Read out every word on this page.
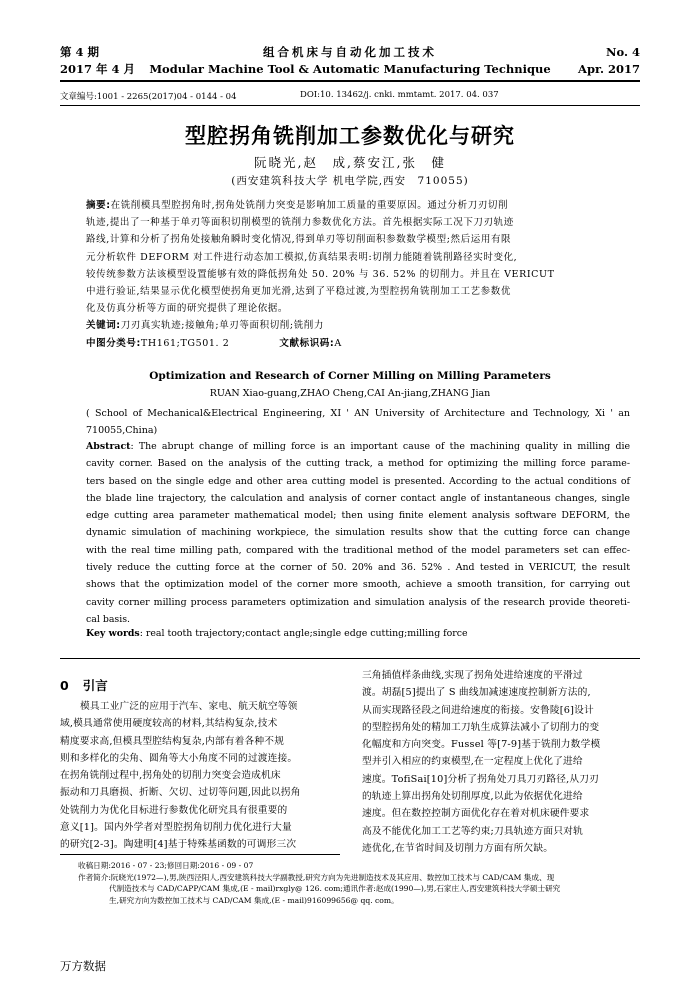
第 4 期
2017 年 4 月
组合机床与自动化加工技术
Modular Machine Tool & Automatic Manufacturing Technique
No. 4
Apr. 2017
文章编号:1001 - 2265(2017)04 - 0144 - 04	DOI:10. 13462/j. cnki. mmtamt. 2017. 04. 037
型腔拐角铣削加工参数优化与研究
阮晓光,赵　成,蔡安江,张　健
(西安建筑科技大学 机电学院,西安　710055)
摘要:在铣削模具型腔拐角时,拐角处铣削力突变是影响加工质量的重要原因。通过分析刀刃切削
轨迹,提出了一种基于单刃等面积切削模型的铣削力参数优化方法。首先根据实际工况下刀刃轨迹
路线,计算和分析了拐角处接触角瞬时变化情况,得到单刃等切削面积参数数学模型;然后运用有限
元分析软件 DEFORM 对工件进行动态加工模拟,仿真结果表明:切削力能随着铣削路径实时变化,
较传统参数方法该模型设置能够有效的降低拐角处 50. 20% 与 36. 52% 的切削力。并且在 VERICUT
中进行验证,结果显示优化模型使拐角更加光滑,达到了平稳过渡,为型腔拐角铣削加工工艺参数优
化及仿真分析等方面的研究提供了理论依据。
关键词:刀刃真实轨迹;接触角;单刃等面积切削;铣削力
中图分类号:TH161;TG501. 2	文献标识码:A
Optimization and Research of Corner Milling on Milling Parameters
RUAN Xiao-guang,ZHAO Cheng,CAI An-jiang,ZHANG Jian
( School of Mechanical&Electrical Engineering, XI ' AN University of Architecture and Technology, Xi ' an
710055,China)
Abstract: The abrupt change of milling force is an important cause of the machining quality in milling die
cavity corner. Based on the analysis of the cutting track, a method for optimizing the milling force parame-
ters based on the single edge and other area cutting model is presented. According to the actual conditions of
the blade line trajectory, the calculation and analysis of corner contact angle of instantaneous changes, single
edge cutting area parameter mathematical model; then using finite element analysis software DEFORM, the
dynamic simulation of machining workpiece, the simulation results show that the cutting force can change
with the real time milling path, compared with the traditional method of the model parameters set can effec-
tively reduce the cutting force at the corner of 50. 20% and 36. 52% . And tested in VERICUT, the result
shows that the optimization model of the corner more smooth, achieve a smooth transition, for carrying out
cavity corner milling process parameters optimization and simulation analysis of the research provide theoreti-
cal basis.
Key words: real tooth trajectory;contact angle;single edge cutting;milling force
0 引言
模具工业广泛的应用于汽车、家电、航天航空等领
域,模具通常使用硬度较高的材料,其结构复杂,技术
精度要求高,但模具型腔结构复杂,内部有着各种不规
则和多样化的尖角、圆角等大小角度不同的过渡连接。
在拐角铣削过程中,拐角处的切削力突变会造成机床
振动和刀具磨损、折断、欠切、过切等问题,因此以拐角
处铣削力为优化目标进行参数优化研究具有很重要的
意义[1]。国内外学者对型腔拐角切削力优化进行大量
的研究[2-3]。陶建明[4]基于特殊基函数的可调形三次
三角插值样条曲线,实现了拐角处进给速度的平滑过
渡。胡磊[5]提出了 S 曲线加减速速度控制新方法的,
从而实现路径段之间进给速度的衔接。安鲁陵[6]设计
的型腔拐角处的精加工刀轨生成算法减小了切削力的变
化幅度和方向突变。Fussel 等[7-9]基于铣削力数学模
型并引入相应的约束模型,在一定程度上优化了进给
速度。TofiSai[10]分析了拐角处刀具刀刃路径,从刀刃
的轨迹上算出拐角处切削厚度,以此为依据优化进给
速度。但在数控控制方面优化存在着对机床硬件要求
高及不能优化加工工艺等约束;刀具轨迹方面只对轨
迹优化,在节省时间及切削力方面有所欠缺。
收稿日期:2016 - 07 - 23;修回日期:2016 - 09 - 07
作者简介:阮晓光(1972—),男,陕西泾阳人,西安建筑科技大学副教授,研究方向为先进制造技术及其应用、数控加工技术与 CAD/CAM 集成、现
代制造技术与 CAD/CAPP/CAM 集成,(E - mail)rxgly@ 126. com;通讯作者:赵成(1990—),男,石家庄人,西安建筑科技大学硕士研究
生,研究方向为数控加工技术与 CAD/CAM 集成,(E - mail)916099656@ qq. com。
万方数据
